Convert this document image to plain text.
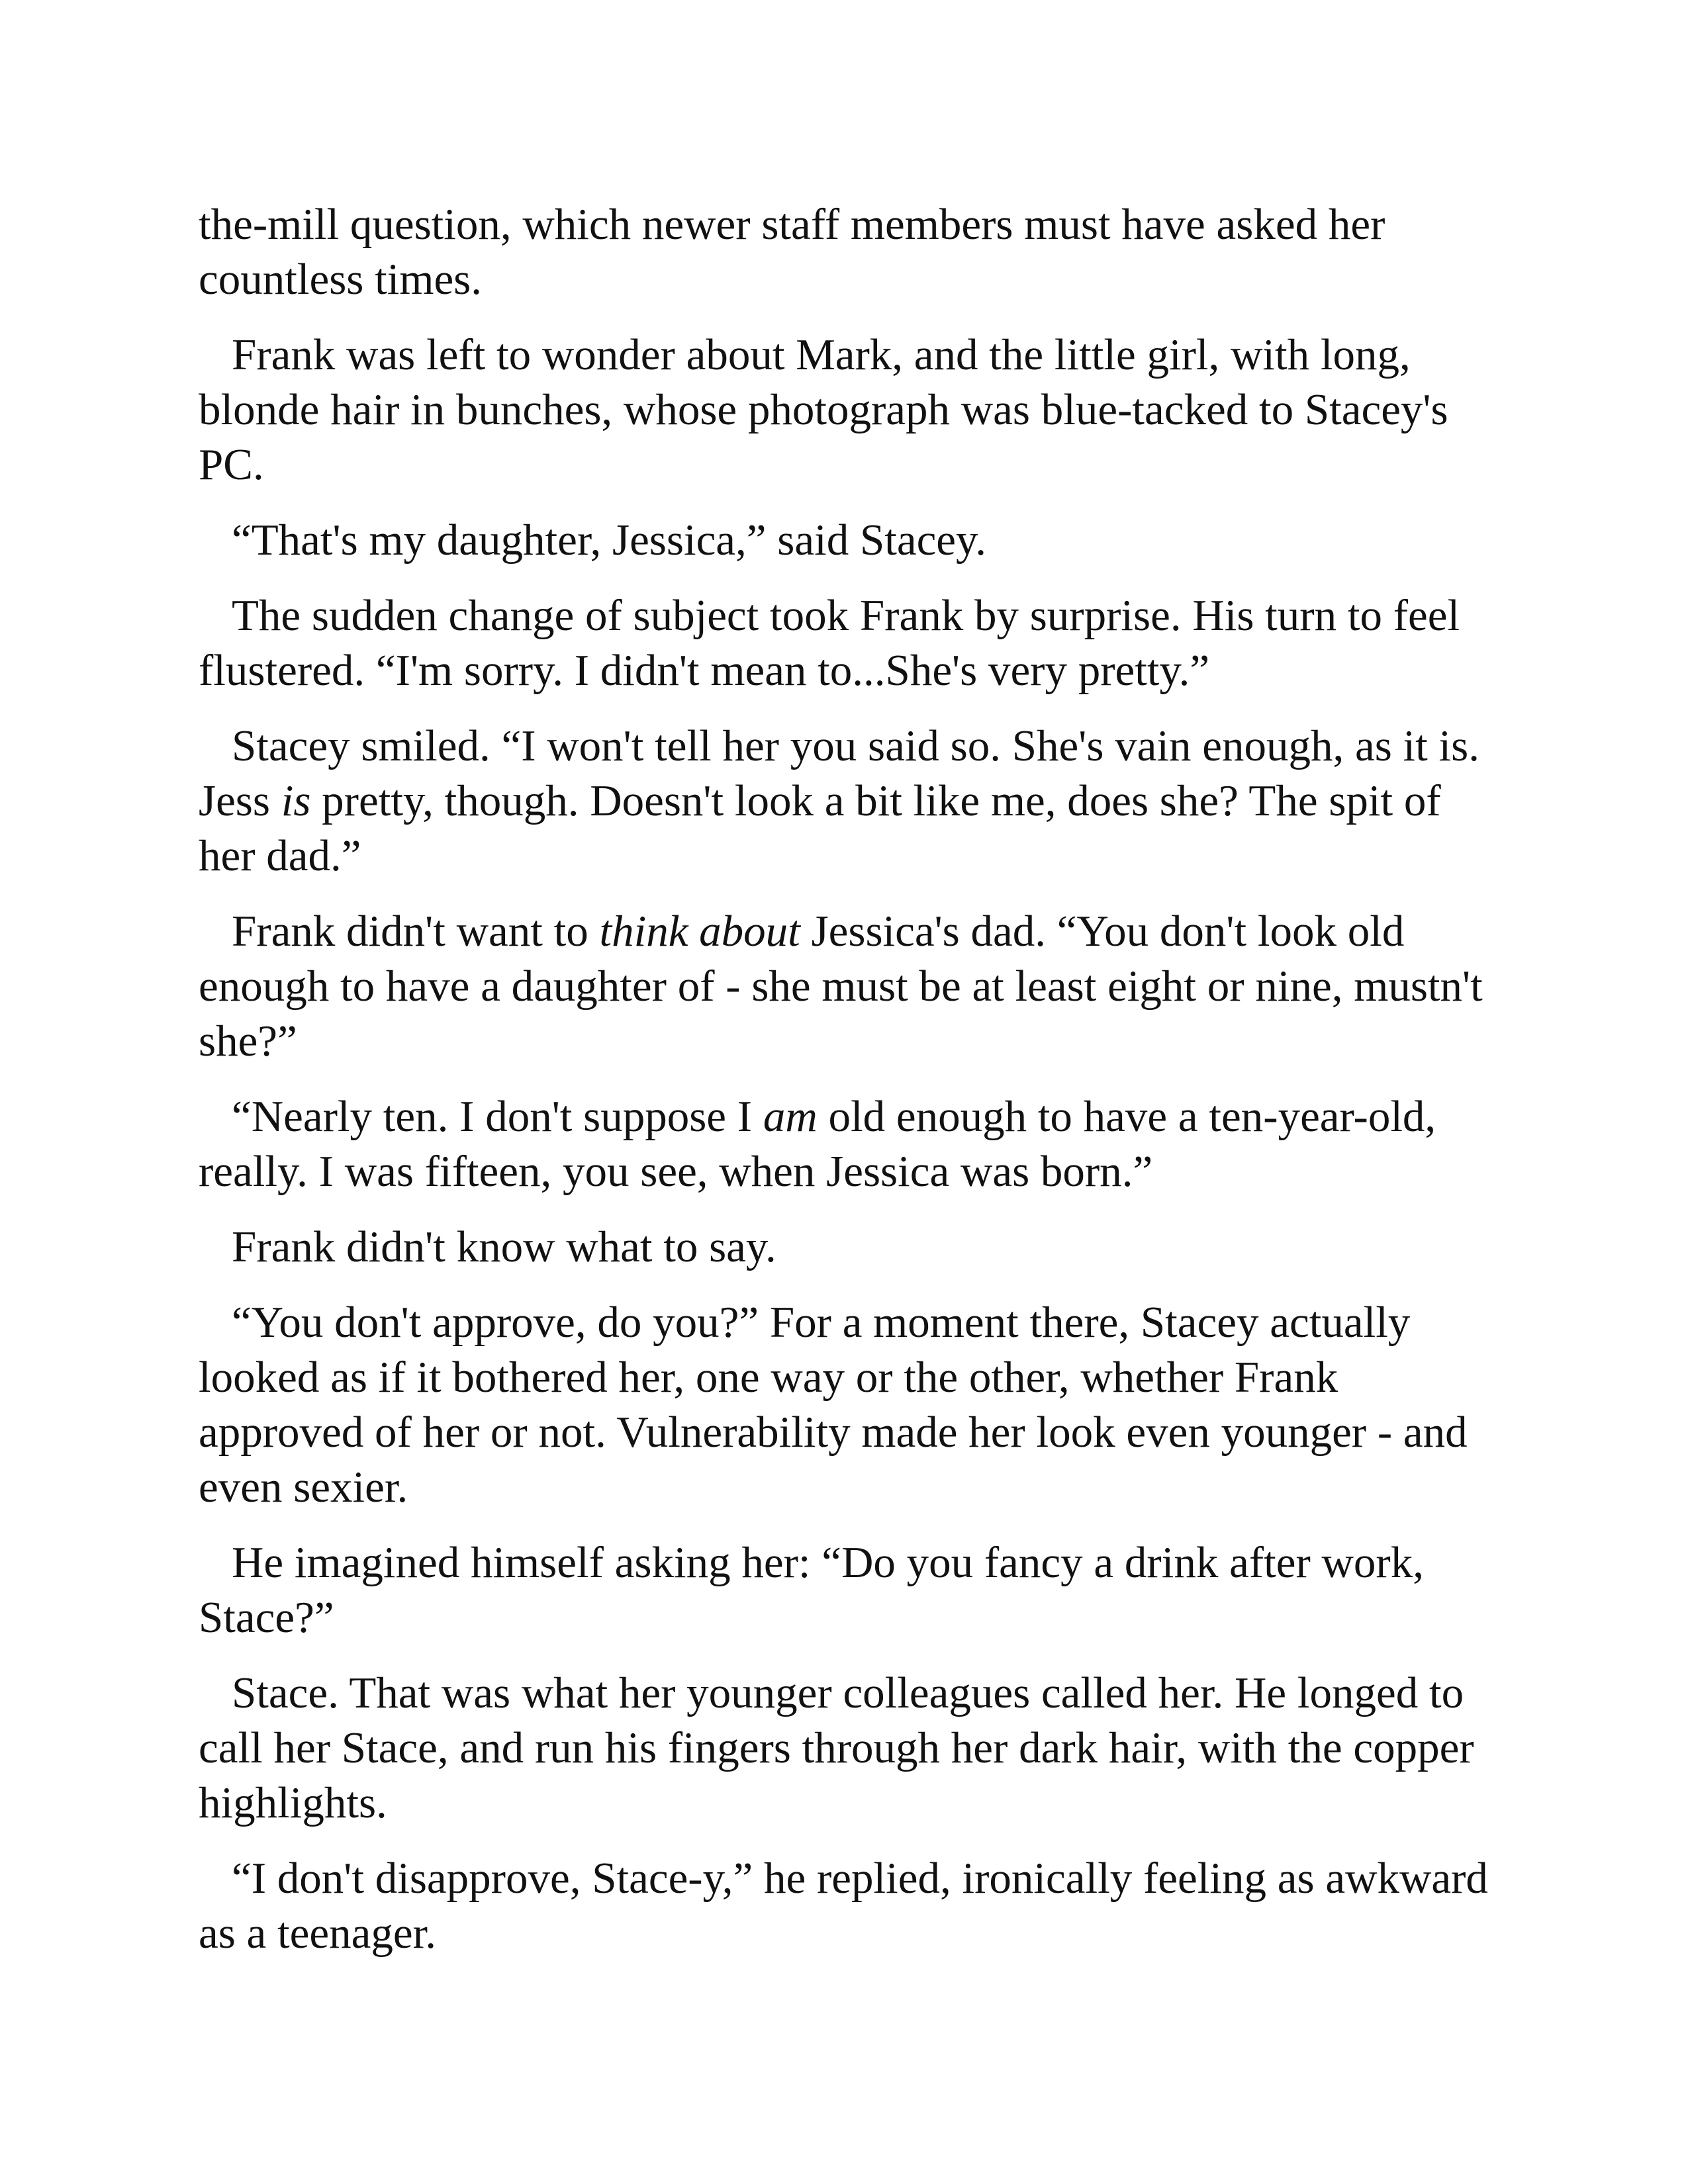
the-mill question, which newer staff members must have asked her countless times.

Frank was left to wonder about Mark, and the little girl, with long, blonde hair in bunches, whose photograph was blue-tacked to Stacey's PC.

“That's my daughter, Jessica,” said Stacey.

The sudden change of subject took Frank by surprise. His turn to feel flustered. “I'm sorry. I didn't mean to...She's very pretty.”

Stacey smiled. “I won't tell her you said so. She's vain enough, as it is. Jess is pretty, though. Doesn't look a bit like me, does she? The spit of her dad.”

Frank didn't want to think about Jessica's dad. “You don't look old enough to have a daughter of - she must be at least eight or nine, mustn't she?”

“Nearly ten. I don't suppose I am old enough to have a ten-year-old, really. I was fifteen, you see, when Jessica was born.”

Frank didn't know what to say.

“You don't approve, do you?” For a moment there, Stacey actually looked as if it bothered her, one way or the other, whether Frank approved of her or not. Vulnerability made her look even younger - and even sexier.

He imagined himself asking her: “Do you fancy a drink after work, Stace?”

Stace. That was what her younger colleagues called her. He longed to call her Stace, and run his fingers through her dark hair, with the copper highlights.

“I don't disapprove, Stace-y,” he replied, ironically feeling as awkward as a teenager.
